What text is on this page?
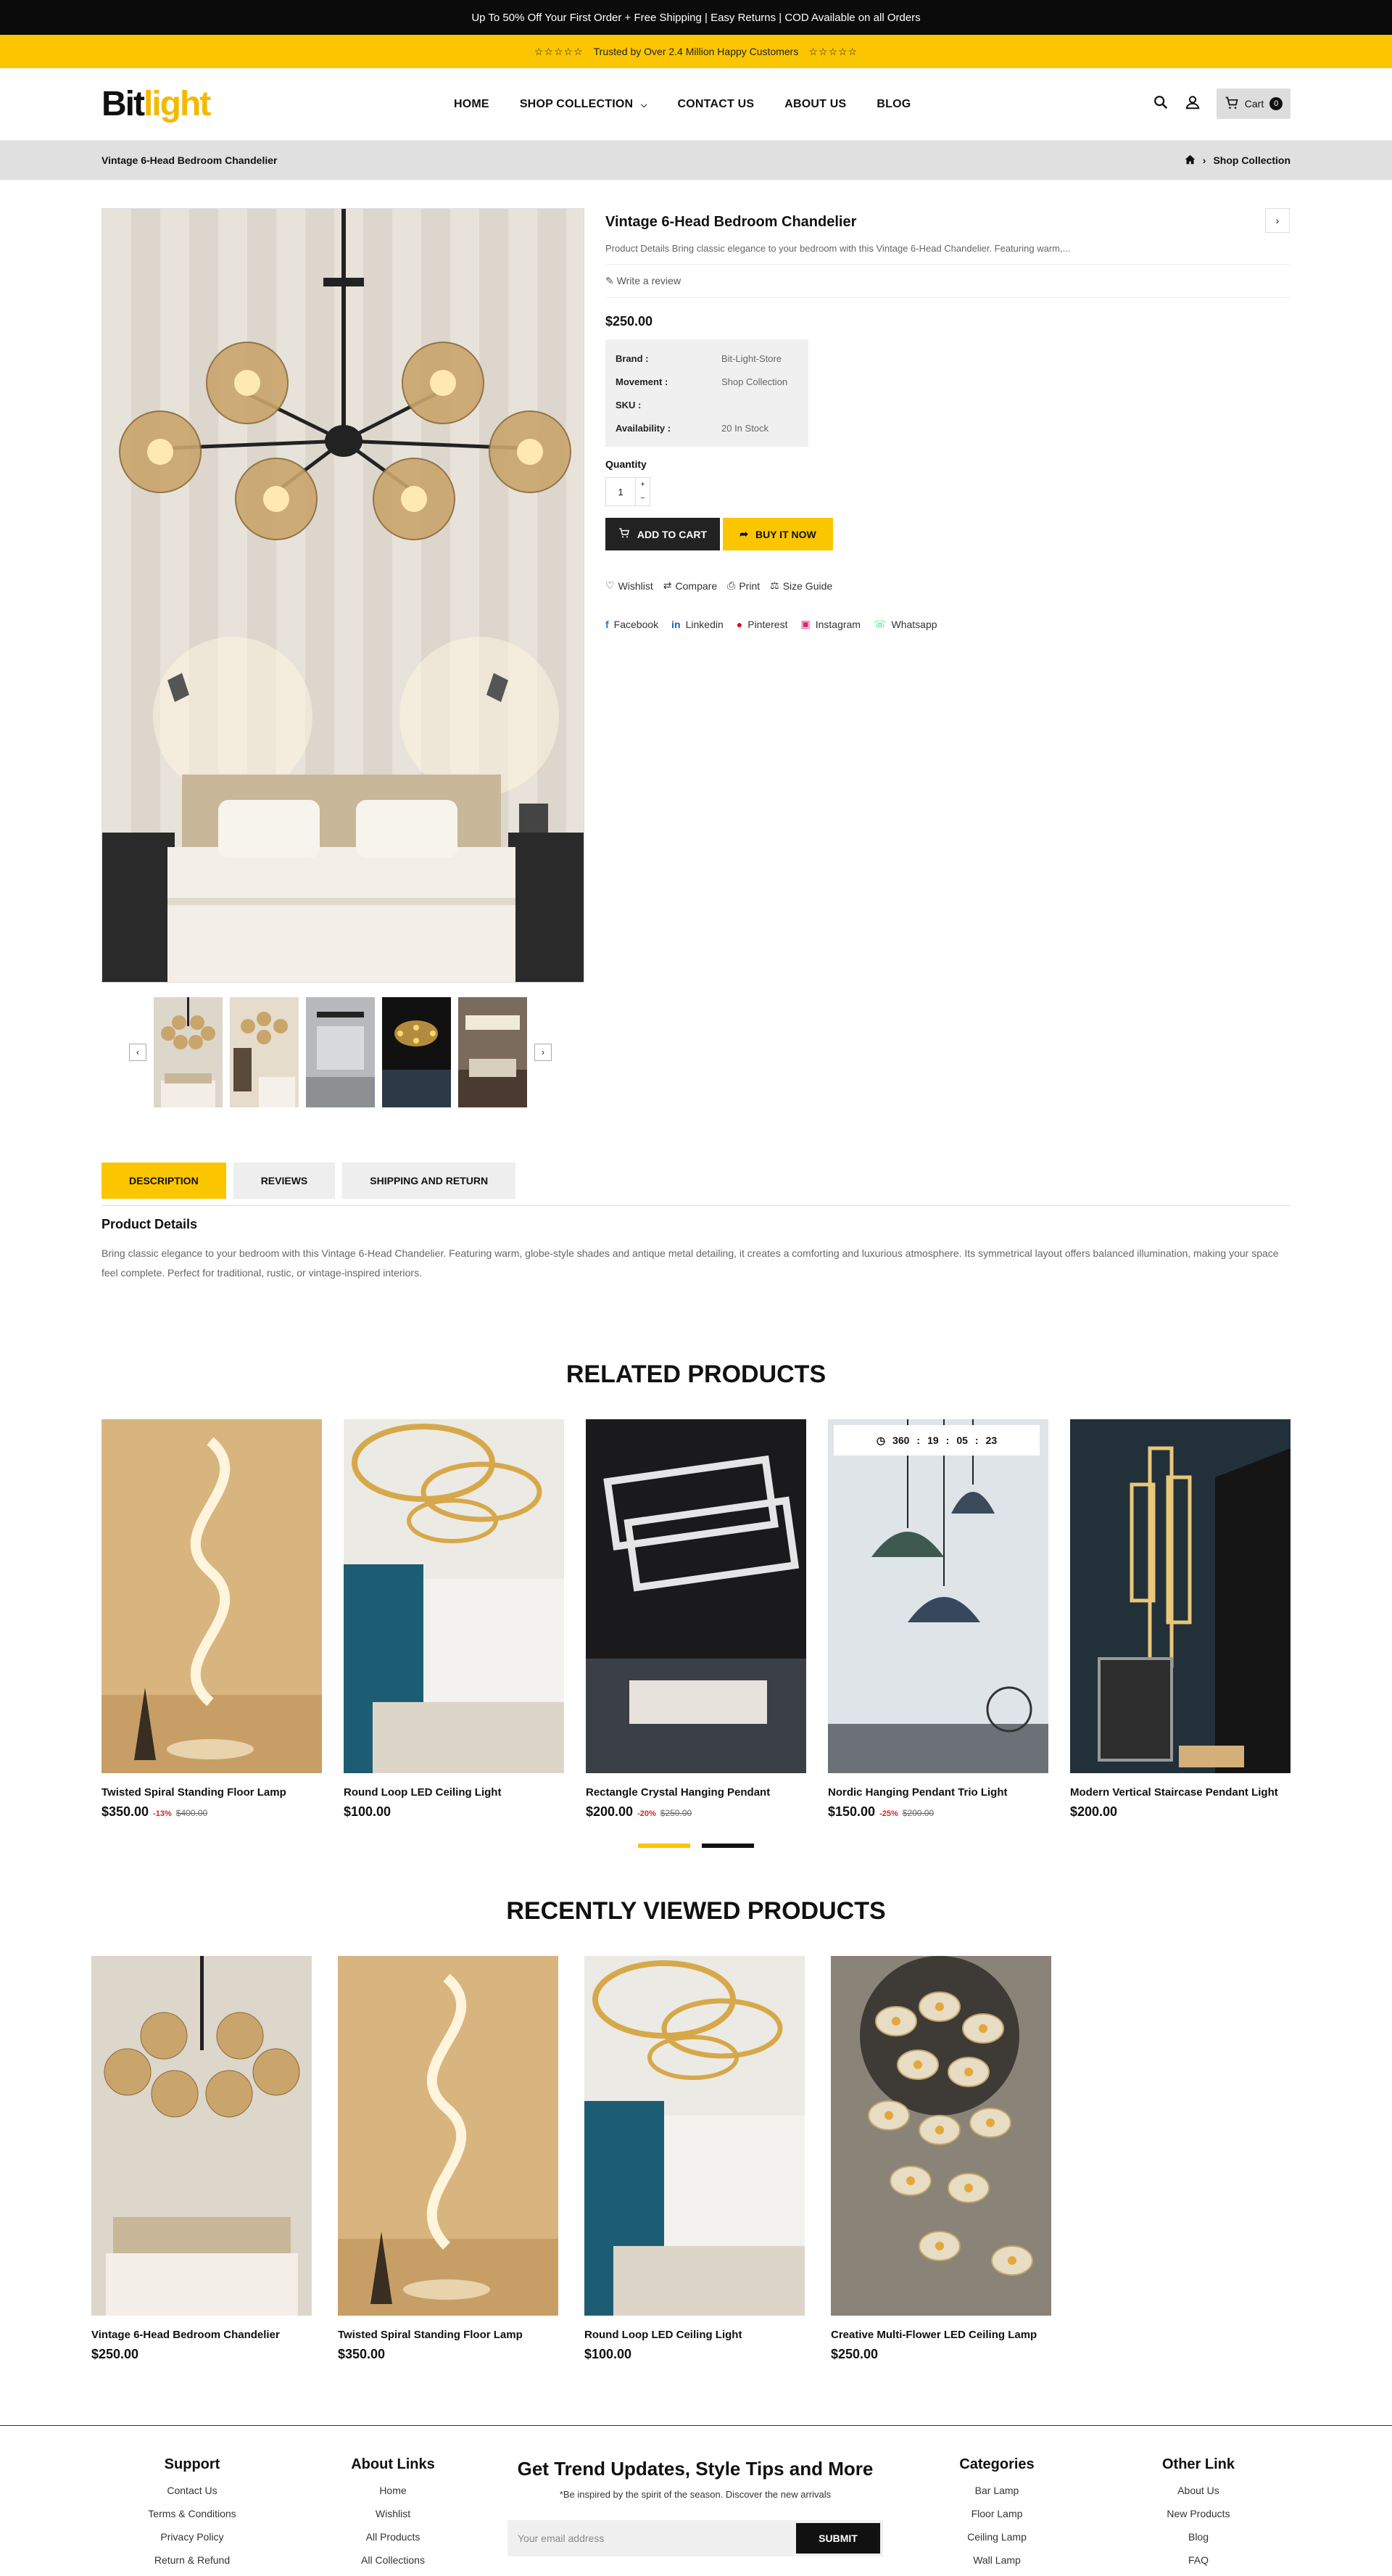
Up To 50% Off Your First Order + Free Shipping | Easy Returns | COD Available on all Orders
☆☆☆☆☆ Trusted by Over 2.4 Million Happy Customers ☆☆☆☆☆
Bitlight	HOME	SHOP COLLECTION ⌵	CONTACT US	ABOUT US	BLOG	Cart	0
Vintage 6-Head Bedroom Chandelier	› Shop Collection
‹	›
›
Vintage 6-Head Bedroom Chandelier
Product Details Bring classic elegance to your bedroom with this Vintage 6-Head Chandelier. Featuring warm,...
✎ Write a review
$250.00
Brand :	Bit-Light-Store
Movement :	Shop Collection
SKU :
Availability :	20 In Stock
Quantity
1
+
−
ADD TO CART	➦ BUY IT NOW
♡ Wishlist ⇄ Compare ⎙ Print ⚖ Size Guide
f Facebook in Linkedin ● Pinterest ▣ Instagram ☏ Whatsapp
DESCRIPTION	REVIEWS	SHIPPING AND RETURN
Product Details

Bring classic elegance to your bedroom with this Vintage 6-Head Chandelier. Featuring warm, globe-style shades and antique metal detailing, it creates a comforting and luxurious atmosphere. Its symmetrical layout offers balanced illumination, making your space feel complete. Perfect for traditional, rustic, or vintage-inspired interiors.

RELATED PRODUCTS
Twisted Spiral Standing Floor Lamp
$350.00 -13% $400.00
Round Loop LED Ceiling Light
$100.00
Rectangle Crystal Hanging Pendant
$200.00 -20% $250.00
◷ 360 : 19 : 05 : 23
Nordic Hanging Pendant Trio Light
$150.00 -25% $200.00
Modern Vertical Staircase Pendant Light
$200.00
RECENTLY VIEWED PRODUCTS
Vintage 6-Head Bedroom Chandelier
$250.00
Twisted Spiral Standing Floor Lamp
$350.00
Round Loop LED Ceiling Light
$100.00
Creative Multi-Flower LED Ceiling Lamp
$250.00
Support
Contact Us
Terms & Conditions
Privacy Policy
Return & Refund
About Links
Home
Wishlist
All Products
All Collections
Get Trend Updates, Style Tips and More

*Be inspired by the spirit of the season. Discover the new arrivals

Your email address	SUBMIT
Categories
Bar Lamp
Floor Lamp
Ceiling Lamp
Wall Lamp
Other Link
About Us
New Products
Blog
FAQ
